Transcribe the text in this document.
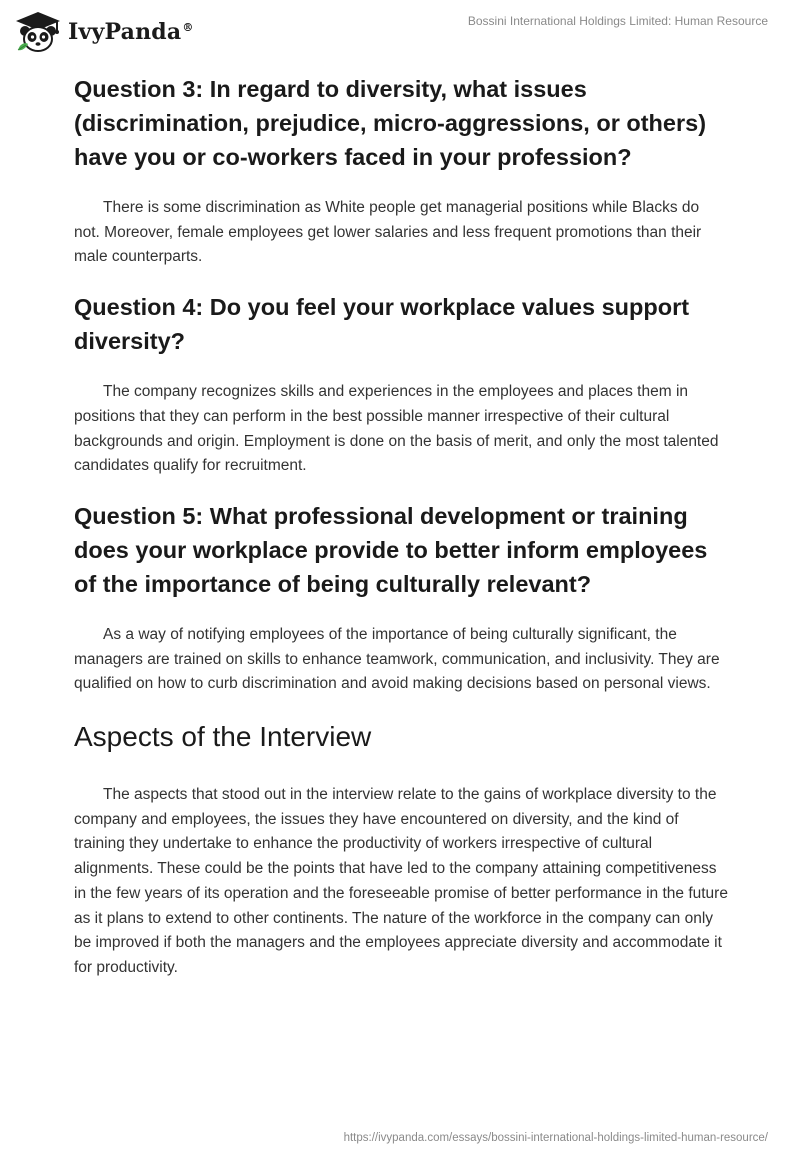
IvyPanda®	Bossini International Holdings Limited: Human Resource
Question 3: In regard to diversity, what issues (discrimination, prejudice, micro-aggressions, or others) have you or co-workers faced in your profession?

There is some discrimination as White people get managerial positions while Blacks do not. Moreover, female employees get lower salaries and less frequent promotions than their male counterparts.

Question 4: Do you feel your workplace values support diversity?

The company recognizes skills and experiences in the employees and places them in positions that they can perform in the best possible manner irrespective of their cultural backgrounds and origin. Employment is done on the basis of merit, and only the most talented candidates qualify for recruitment.

Question 5: What professional development or training does your workplace provide to better inform employees of the importance of being culturally relevant?

As a way of notifying employees of the importance of being culturally significant, the managers are trained on skills to enhance teamwork, communication, and inclusivity. They are qualified on how to curb discrimination and avoid making decisions based on personal views.

Aspects of the Interview

The aspects that stood out in the interview relate to the gains of workplace diversity to the company and employees, the issues they have encountered on diversity, and the kind of training they undertake to enhance the productivity of workers irrespective of cultural alignments. These could be the points that have led to the company attaining competitiveness in the few years of its operation and the foreseeable promise of better performance in the future as it plans to extend to other continents. The nature of the workforce in the company can only be improved if both the managers and the employees appreciate diversity and accommodate it for productivity.

https://ivypanda.com/essays/bossini-international-holdings-limited-human-resource/
